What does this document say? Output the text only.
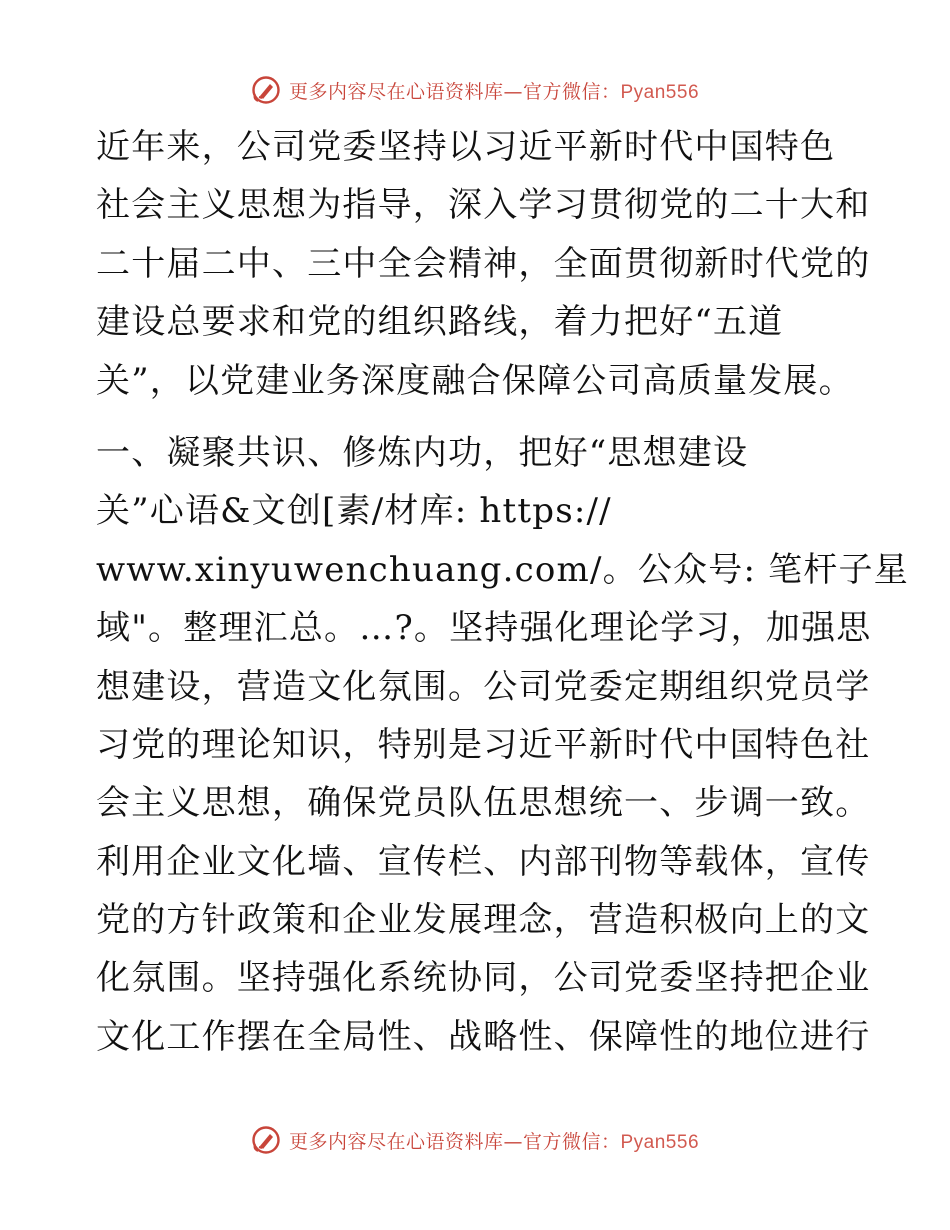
更多内容尽在心语资料库—官方微信：Pyan556
近年来，公司党委坚持以习近平新时代中国特色
社会主义思想为指导，深入学习贯彻党的二十大和
二十届二中、三中全会精神，全面贯彻新时代党的
建设总要求和党的组织路线，着力把好“五道
关”，以党建业务深度融合保障公司高质量发展。
一、凝聚共识、修炼内功，把好“思想建设
关”心语&文创[素/材库: https://
www.xinyuwenchuang.com/。公众号: 笔杆子星
域"。整理汇总。…?。坚持强化理论学习，加强思
想建设，营造文化氛围。公司党委定期组织党员学
习党的理论知识，特别是习近平新时代中国特色社
会主义思想，确保党员队伍思想统一、步调一致。
利用企业文化墙、宣传栏、内部刊物等载体，宣传
党的方针政策和企业发展理念，营造积极向上的文
化氛围。坚持强化系统协同，公司党委坚持把企业
文化工作摆在全局性、战略性、保障性的地位进行
更多内容尽在心语资料库—官方微信：Pyan556
